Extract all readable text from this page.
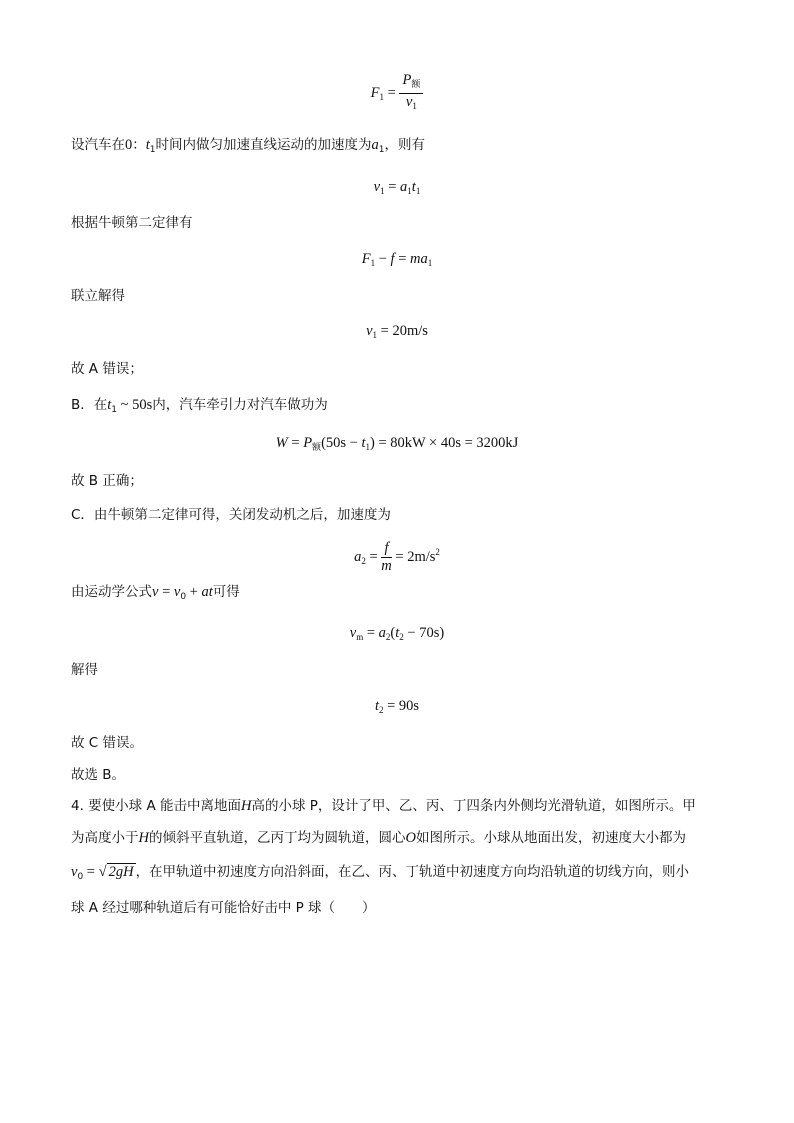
$F_1 = \frac{P_额}{v_1}$
设汽车在0：$t_1$时间内做匀加速直线运动的加速度为$a_1$，则有
$v_1 = a_1t_1$
根据牛顿第二定律有
$F_1 - f = ma_1$
联立解得
$v_1 = 20m/s$
故 A 错误；
B．在$t_1$ ~ 50s内，汽车牵引力对汽车做功为
$W = P_额(50s - t_1) = 80kW \times 40s = 3200kJ$
故 B 正确；
C．由牛顿第二定律可得，关闭发动机之后，加速度为
$a_2 = \frac{f}{m} = 2m/s^2$
由运动学公式$v = v_0$ + at可得
$v_m = a_2(t_2 - 70s)$
解得
$t_2 = 90s$
故 C 错误。
故选 B。
4. 要使小球 A 能击中离地面H高的小球 P，设计了甲、乙、丙、丁四条内外侧均光滑轨道，如图所示。甲
为高度小于H的倾斜平直轨道，乙丙丁均为圆轨道，圆心O如图所示。小球从地面出发，初速度大小都为
$v_0$ = √ 2gH ，在甲轨道中初速度方向沿斜面，在乙、丙、丁轨道中初速度方向均沿轨道的切线方向，则小
球 A 经过哪种轨道后有可能恰好击中 P 球（　　）
